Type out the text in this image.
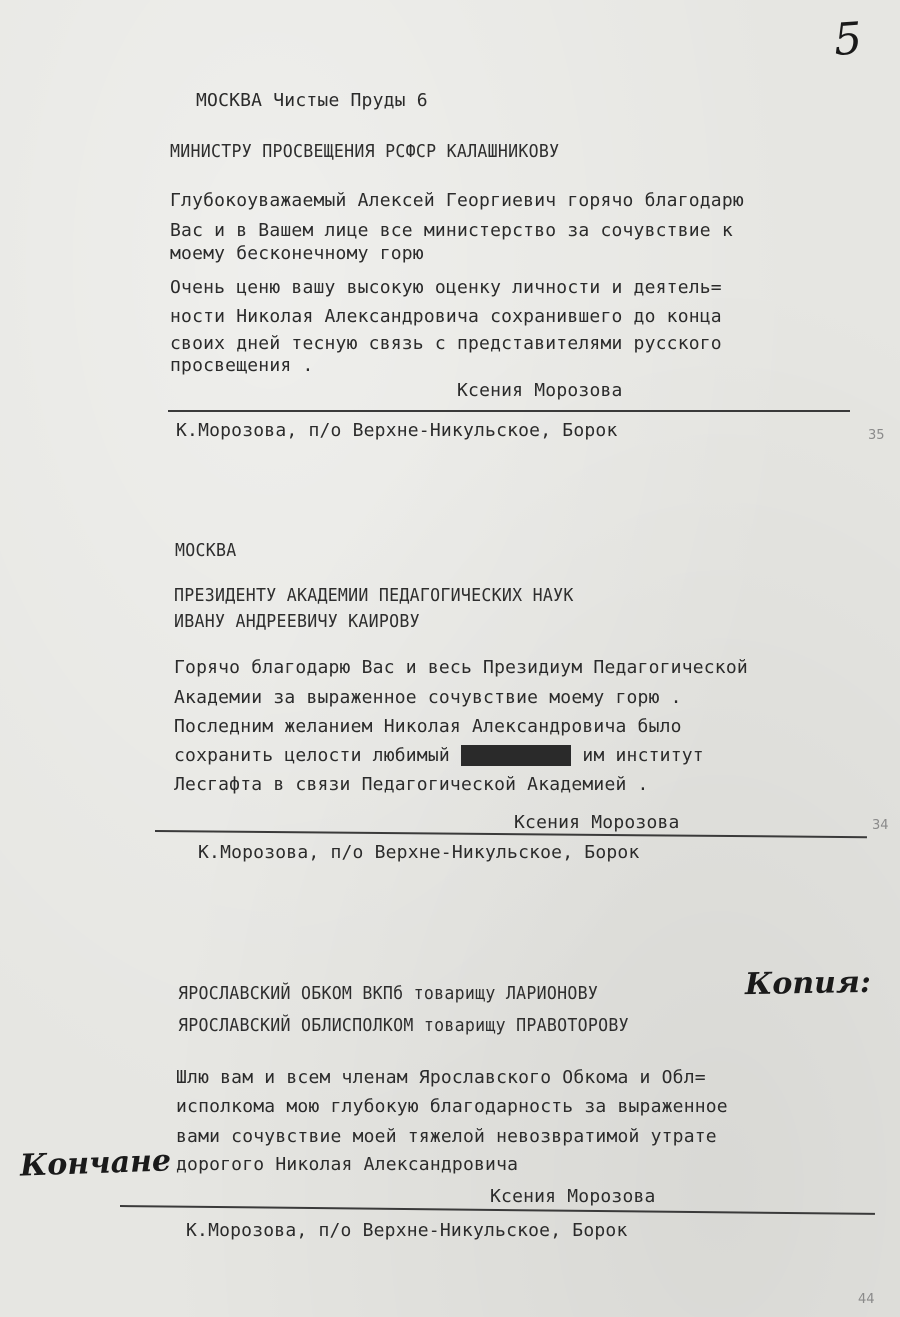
5
МОСКВА Чистые Пруды 6
МИНИСТРУ ПРОСВЕЩЕНИЯ РСФСР КАЛАШНИКОВУ
Глубокоуважаемый Алексей Георгиевич горячо благодарю
Вас и в Вашем лице все министерство за сочувствие к
моему бесконечному горю
Очень ценю вашу высокую оценку личности и деятель=
ности Николая Александровича сохранившего до конца
своих дней тесную связь с представителями русского
просвещения .
Ксения Морозова
К.Морозова, п/о Верхне-Никульское, Борок	35
МОСКВА
ПРЕЗИДЕНТУ АКАДЕМИИ ПЕДАГОГИЧЕСКИХ НАУК
ИВАНУ АНДРЕЕВИЧУ КАИРОВУ
Горячо благодарю Вас и весь Президиум Педагогической
Академии за выраженное сочувствие моему горю .
Последним желанием Николая Александровича было
сохранить целости любимый	им институт
Лесгафта в связи Педагогической Академией .
Ксения Морозова
К.Морозова, п/о Верхне-Никульское, Борок
34
ЯРОСЛАВСКИЙ ОБКОМ ВКПб товарищу ЛАРИОНОВУ
ЯРОСЛАВСКИЙ ОБЛИСПОЛКОМ товарищу ПРАВОТОРОВУ
Копия:
Шлю вам и всем членам Ярославского Обкома и Обл=
исполкома мою глубокую благодарность за выраженное
вами сочувствие моей тяжелой невозвратимой утрате
дорогого Николая Александровича
Кончане
Ксения Морозова
К.Морозова, п/о Верхне-Никульское, Борок
44
